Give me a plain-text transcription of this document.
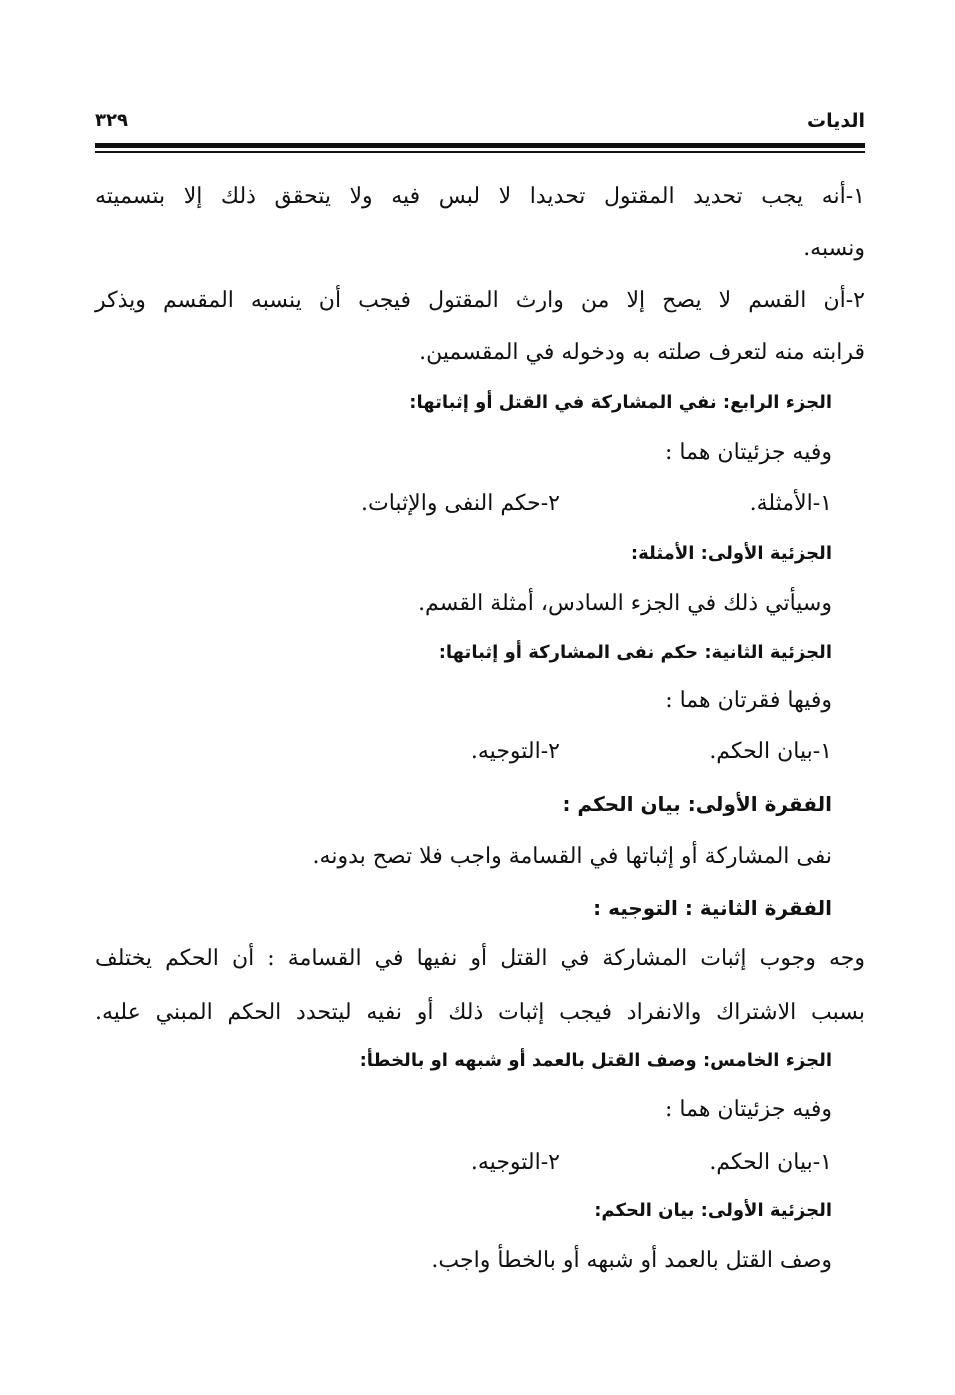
الديات
٣٢٩
١-أنه يجب تحديد المقتول تحديدا لا لبس فيه ولا يتحقق ذلك إلا بتسميته
ونسبه.
٢-أن القسم لا يصح إلا من وارث المقتول فيجب أن ينسبه المقسم ويذكر
قرابته منه لتعرف صلته به ودخوله في المقسمين.
الجزء الرابع: نفي المشاركة في القتل أو إثباتها:
وفيه جزئيتان هما :
١-الأمثلة.
٢-حكم النفى والإثبات.
الجزئية الأولى: الأمثلة:
وسيأتي ذلك في الجزء السادس، أمثلة القسم.
الجزئية الثانية: حكم نفى المشاركة أو إثباتها:
وفيها فقرتان هما :
١-بيان الحكم.
٢-التوجيه.
الفقرة الأولى: بيان الحكم :
نفى المشاركة أو إثباتها في القسامة واجب فلا تصح بدونه.
الفقرة الثانية : التوجيه :
وجه وجوب إثبات المشاركة في القتل أو نفيها في القسامة : أن الحكم يختلف
بسبب الاشتراك والانفراد فيجب إثبات ذلك أو نفيه ليتحدد الحكم المبني عليه.
الجزء الخامس: وصف القتل بالعمد أو شبهه او بالخطأ:
وفيه جزئيتان هما :
١-بيان الحكم.
٢-التوجيه.
الجزئية الأولى: بيان الحكم:
وصف القتل بالعمد أو شبهه أو بالخطأ واجب.
